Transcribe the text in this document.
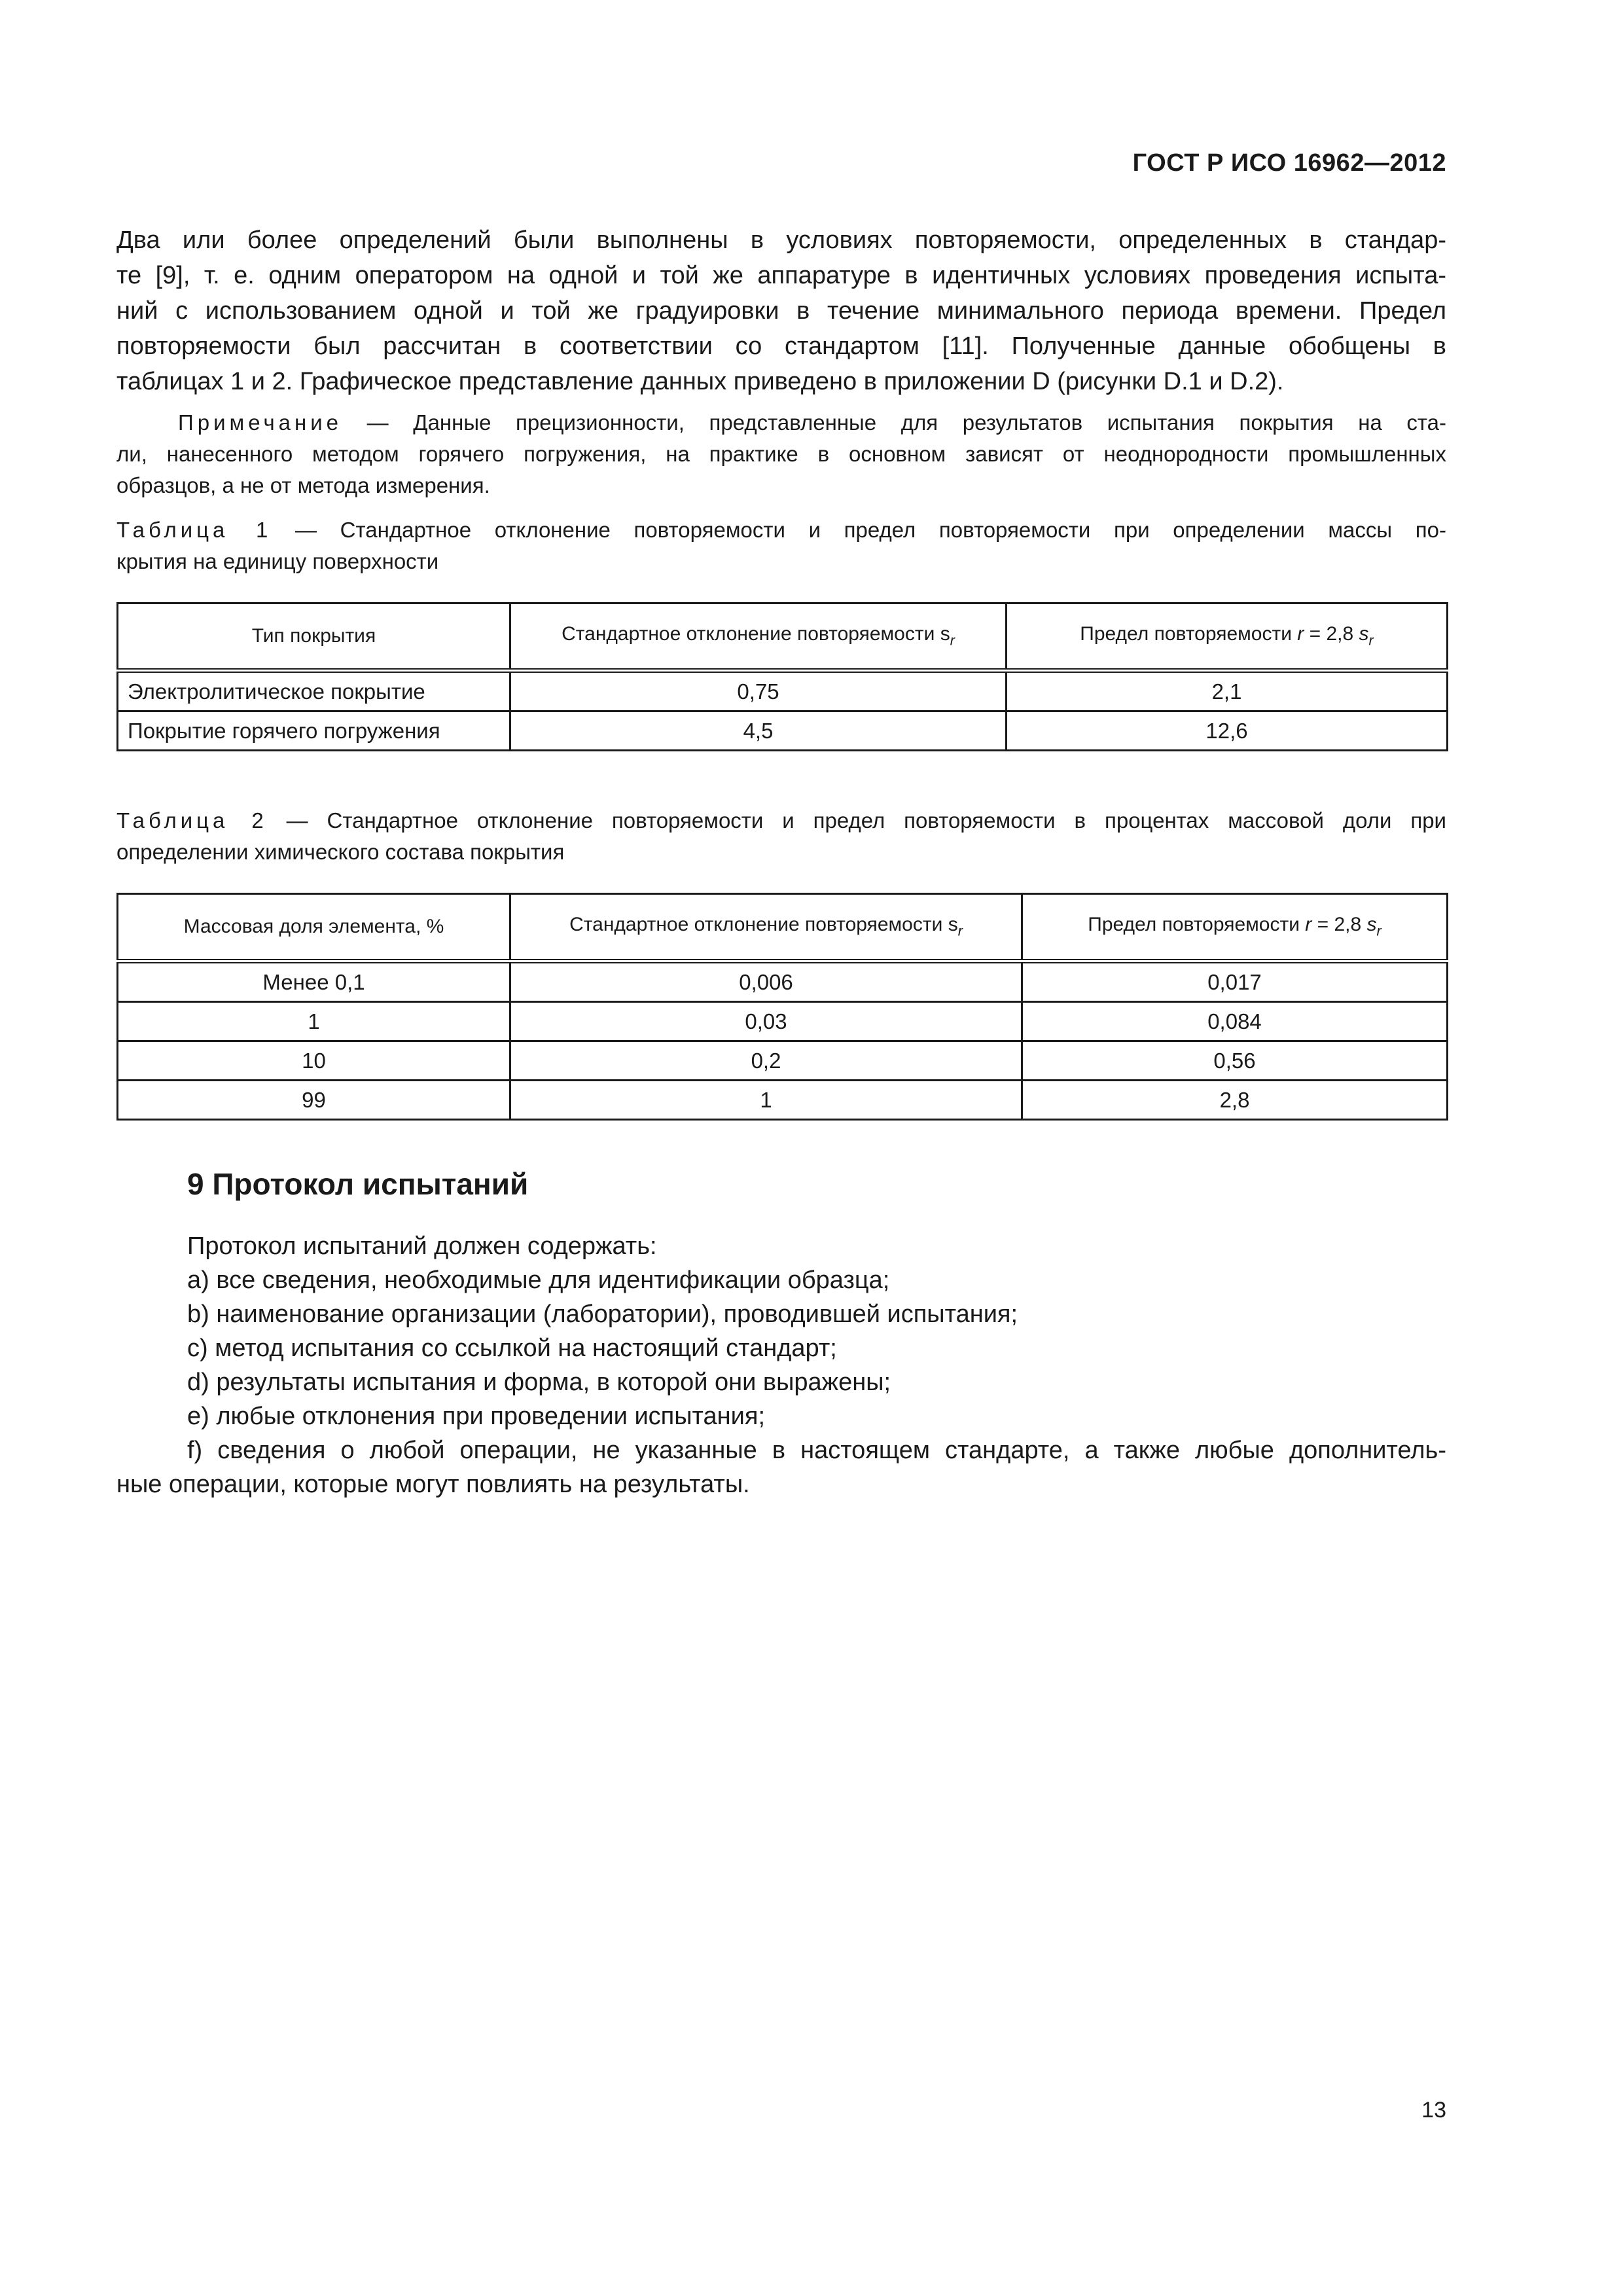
ГОСТ Р ИСО 16962—2012

Два или более определений были выполнены в условиях повторяемости, определенных в стандар-

те [9], т. е. одним оператором на одной и той же аппаратуре в идентичных условиях проведения испыта-

ний с использованием одной и той же градуировки в течение минимального периода времени. Предел

повторяемости был рассчитан в соответствии со стандартом [11]. Полученные данные обобщены в

таблицах 1 и 2. Графическое представление данных приведено в приложении D (рисунки D.1 и D.2).

Примечание — Данные прецизионности, представленные для результатов испытания покрытия на ста-

ли, нанесенного методом горячего погружения, на практике в основном зависят от неоднородности промышленных

образцов, а не от метода измерения.

Таблица 1 — Стандартное отклонение повторяемости и предел повторяемости при определении массы по-

крытия на единицу поверхности

Тип покрытия	Стандартное отклонение повторяемости $s_r$	Предел повторяемости r = 2,8 $s_r$
Электролитическое покрытие	0,75	2,1
Покрытие горячего погружения	4,5	12,6

Таблица 2 — Стандартное отклонение повторяемости и предел повторяемости в процентах массовой доли при

определении химического состава покрытия

Массовая доля элемента, %	Стандартное отклонение повторяемости $s_r$	Предел повторяемости r = 2,8 $s_r$
Менее 0,1	0,006	0,017
1	0,03	0,084
10	0,2	0,56
99	1	2,8
9 Протокол испытаний

Протокол испытаний должен содержать:

a) все сведения, необходимые для идентификации образца;

b) наименование организации (лаборатории), проводившей испытания;

c) метод испытания со ссылкой на настоящий стандарт;

d) результаты испытания и форма, в которой они выражены;

e) любые отклонения при проведении испытания;

f) сведения о любой операции, не указанные в настоящем стандарте, а также любые дополнитель-

ные операции, которые могут повлиять на результаты.

13
